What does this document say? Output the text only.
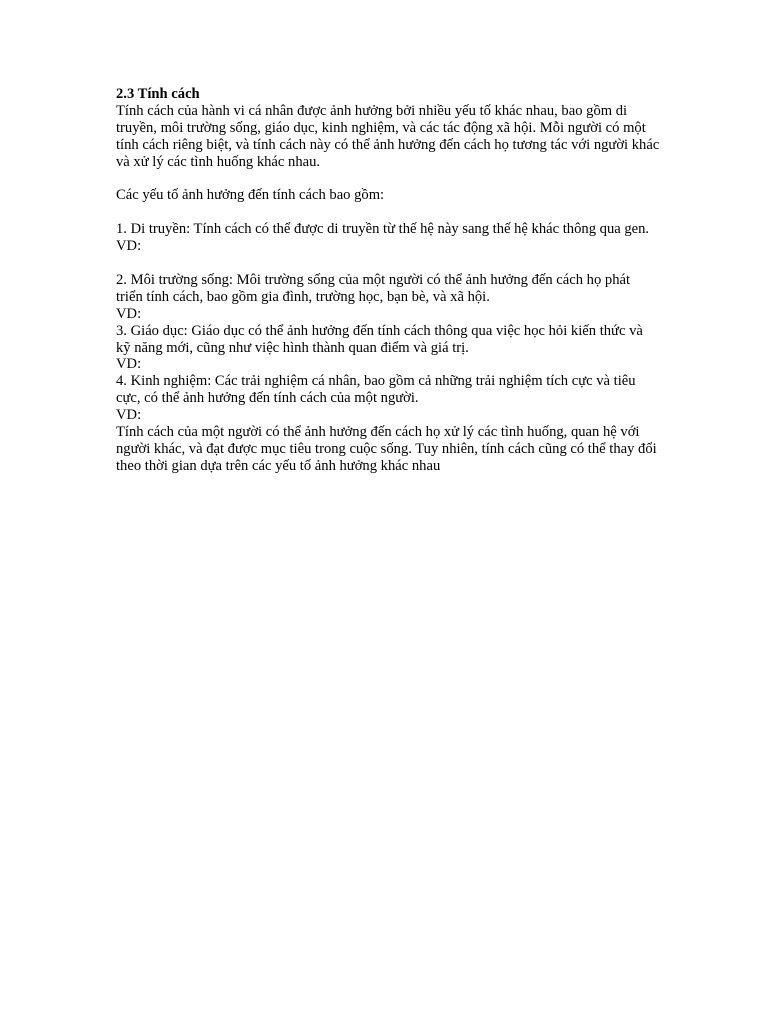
2.3 Tính cách

Tính cách của hành vi cá nhân được ảnh hưởng bởi nhiều yếu tố khác nhau, bao gồm di truyền, môi trường sống, giáo dục, kinh nghiệm, và các tác động xã hội. Mỗi người có một tính cách riêng biệt, và tính cách này có thể ảnh hưởng đến cách họ tương tác với người khác và xử lý các tình huống khác nhau.

Các yếu tố ảnh hưởng đến tính cách bao gồm:

1. Di truyền: Tính cách có thể được di truyền từ thế hệ này sang thế hệ khác thông qua gen.

VD:

2. Môi trường sống: Môi trường sống của một người có thể ảnh hưởng đến cách họ phát triển tính cách, bao gồm gia đình, trường học, bạn bè, và xã hội.

VD:

3. Giáo dục: Giáo dục có thể ảnh hưởng đến tính cách thông qua việc học hỏi kiến thức và kỹ năng mới, cũng như việc hình thành quan điểm và giá trị.

VD:

4. Kinh nghiệm: Các trải nghiệm cá nhân, bao gồm cả những trải nghiệm tích cực và tiêu cực, có thể ảnh hưởng đến tính cách của một người.

VD:

Tính cách của một người có thể ảnh hưởng đến cách họ xử lý các tình huống, quan hệ với người khác, và đạt được mục tiêu trong cuộc sống. Tuy nhiên, tính cách cũng có thể thay đổi theo thời gian dựa trên các yếu tố ảnh hưởng khác nhau
